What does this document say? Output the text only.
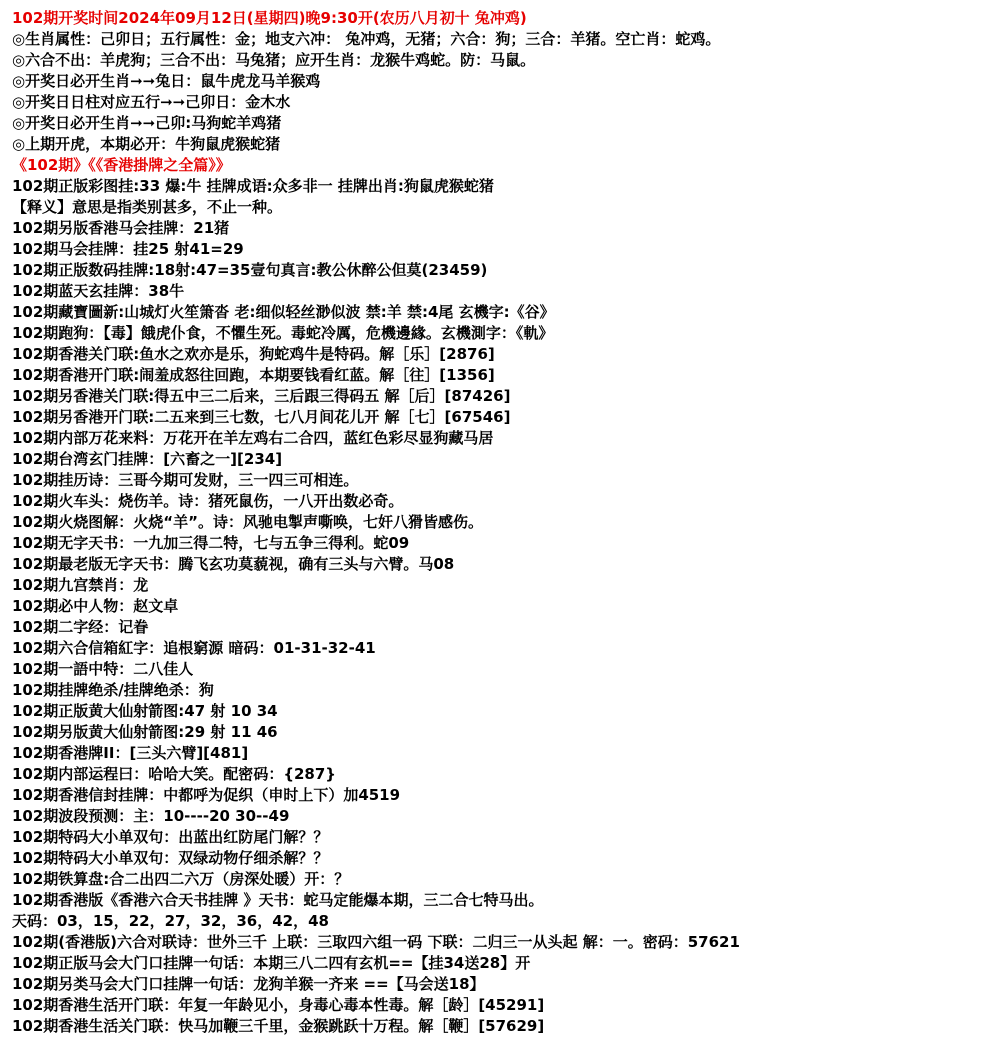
102期开奖时间2024年09月12日(星期四)晚9:30开(农历八月初十 兔冲鸡)
◎生肖属性：己卯日；五行属性：金；地支六冲： 兔冲鸡，无猪；六合：狗；三合：羊猪。空亡肖：蛇鸡。
◎六合不出：羊虎狗；三合不出：马兔猪；应开生肖：龙猴牛鸡蛇。防：马鼠。
◎开奖日必开生肖➞➞兔日：鼠牛虎龙马羊猴鸡
◎开奖日日柱对应五行➞➞己卯日：金木水
◎开奖日必开生肖➞➞己卯:马狗蛇羊鸡猪
◎上期开虎，本期必开：牛狗鼠虎猴蛇猪
《102期》《《香港掛牌之全篇》》
102期正版彩图挂:33 爆:牛 挂牌成语:众多非一 挂牌出肖:狗鼠虎猴蛇猪
【释义】意思是指类别甚多，不止一种。
102期另版香港马会挂牌：21猪
102期马会挂牌：挂25 射41=29
102期正版数码挂牌:18射:47=35壹句真言:教公休醉公但莫(23459)
102期蓝天玄挂牌：38牛
102期藏寶圖新:山城灯火笙箫沓 老:细似轻丝渺似波 禁:羊 禁:4尾 玄機字:《谷》
102期跑狗：【毒】餓虎仆食，不懼生死。毒蛇冷厲，危機邊緣。玄機測字：《軌》
102期香港关门联:鱼水之欢亦是乐，狗蛇鸡牛是特码。解［乐］[2876]
102期香港开门联:闹羞成怒往回跑，本期要钱看红蓝。解［往］[1356]
102期另香港关门联:得五中三二后来，三后跟三得码五 解［后］[87426]
102期另香港开门联:二五来到三七数，七八月间花儿开 解［七］[67546]
102期内部万花来料：万花开在羊左鸡右二合四，蓝红色彩尽显狗藏马居
102期台湾玄门挂牌：[六畜之一][234]
102期挂历诗：三哥今期可发财，三一四三可相连。
102期火车头：烧伤羊。诗：猪死鼠伤，一八开出数必奇。
102期火烧图解：火烧“羊”。诗：风驰电掣声嘶唤，七奸八猾皆感伤。
102期无字天书：一九加三得二特，七与五争三得利。蛇09
102期最老版无字天书：腾飞玄功莫藐视，确有三头与六臂。马08
102期九宫禁肖：龙
102期必中人物：赵文卓
102期二字经：记眷
102期六合信箱紅字：追根窮源 暗码：01-31-32-41
102期一語中特：二八佳人
102期挂牌绝杀/挂牌绝杀：狗
102期正版黄大仙射箭图:47 射 10 34
102期另版黄大仙射箭图:29 射 11 46
102期香港牌II：[三头六臂][481]
102期内部运程曰：哈哈大笑。配密码：{287}
102期香港信封挂牌：中都呼为促织（申时上下）加4519
102期波段预测：主：10----20 30--49
102期特码大小单双句：出蓝出红防尾门解？？
102期特码大小单双句：双绿动物仔细杀解？？
102期铁算盘:合二出四二六万（房深处暖）开：？
102期香港版《香港六合天书挂牌 》天书：蛇马定能爆本期，三二合七特马出。
天码：03，15，22，27，32，36，42，48
102期(香港版)六合对联诗：世外三千 上联：三取四六组一码 下联：二归三一从头起 解：一。密码：57621
102期正版马会大门口挂牌一句话：本期三八二四有玄机==【挂34送28】开
102期另类马会大门口挂牌一句话：龙狗羊猴一齐来 ==【马会送18】
102期香港生活开门联：年复一年龄见小，身毒心毒本性毒。解［龄］[45291]
102期香港生活关门联：快马加鞭三千里，金猴跳跃十万程。解［鞭］[57629]
